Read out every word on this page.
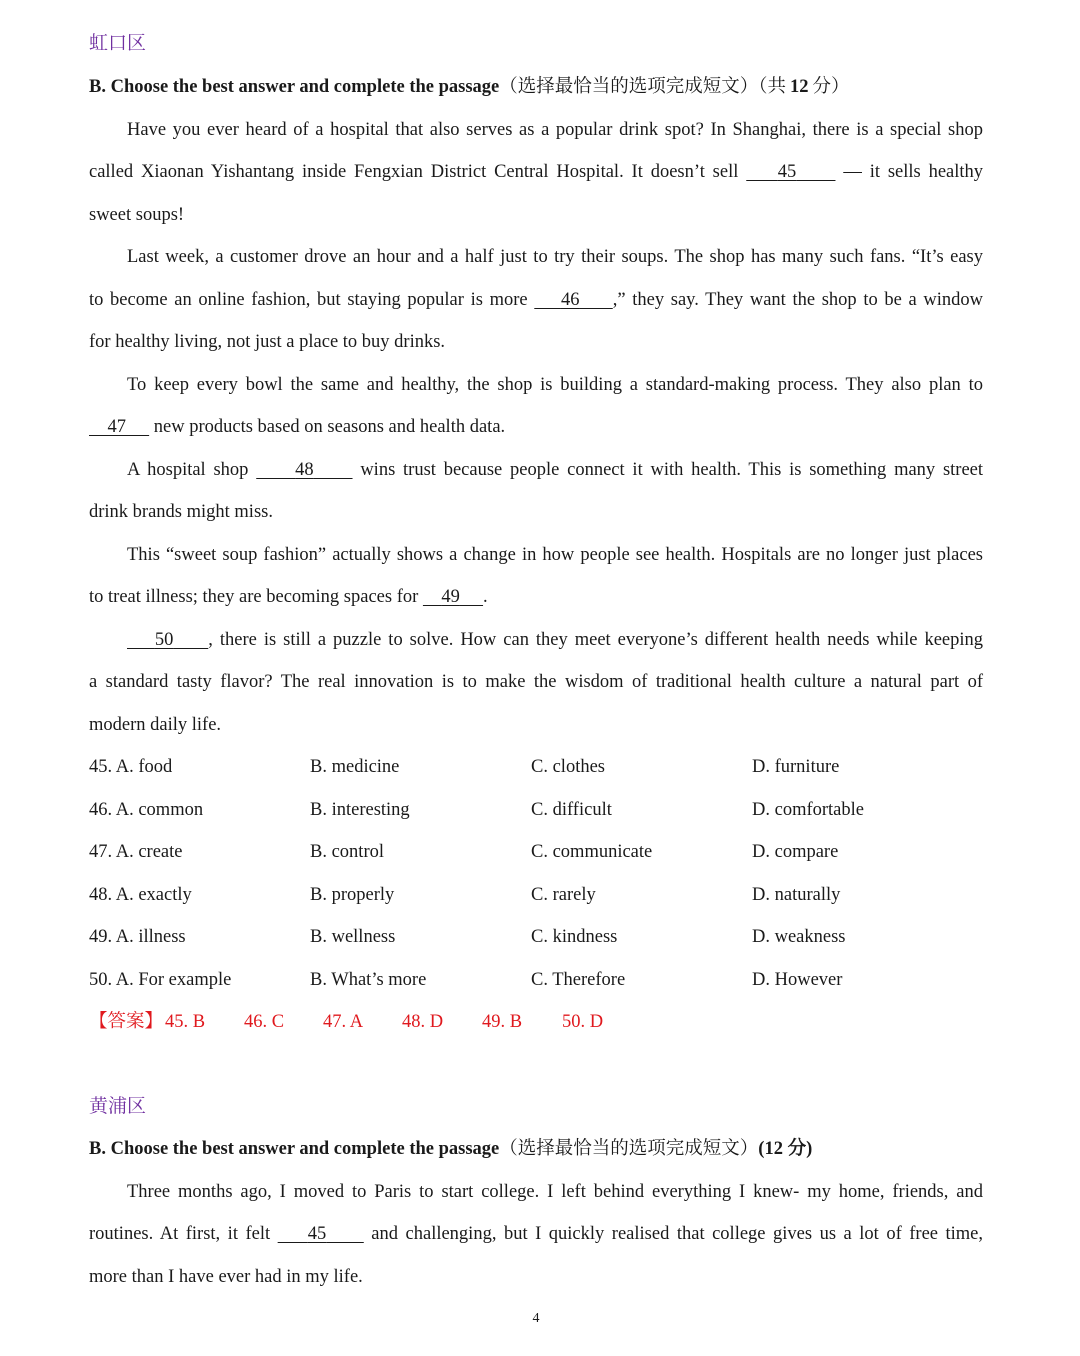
虹口区
B. Choose the best answer and complete the passage（选择最恰当的选项完成短文）（共 12 分）
Have you ever heard of a hospital that also serves as a popular drink spot? In Shanghai, there is a special shop
called Xiaonan Yishantang inside Fengxian District Central Hospital. It doesn’t sell 45	— it sells healthy
sweet soups!
Last week, a customer drove an hour and a half just to try their soups. The shop has many such fans. “It’s easy
to become an online fashion, but staying popular is more 46 ,” they say. They want the shop to be a window
for healthy living, not just a place to buy drinks.
To keep every bowl the same and healthy, the shop is building a standard-making process. They also plan to
47 new products based on seasons and health data.
A hospital shop	48	wins trust because people connect it with health. This is something many street
drink brands might miss.
This “sweet soup fashion” actually shows a change in how people see health. Hospitals are no longer just places
to treat illness; they are becoming spaces for 49 .
50 , there is still a puzzle to solve. How can they meet everyone’s different health needs while keeping
a standard tasty flavor? The real innovation is to make the wisdom of traditional health culture a natural part of
modern daily life.
45. A. food	B. medicine	C. clothes	D. furniture
46. A. common	B. interesting	C. difficult	D. comfortable
47. A. create	B. control	C. communicate	D. compare
48. A. exactly	B. properly	C. rarely	D. naturally
49. A. illness	B. wellness	C. kindness	D. weakness
50. A. For example	B. What’s more	C. Therefore	D. However
【答案】 45. B 46. C 47. A 48. D 49. B 50. D
黄浦区
B. Choose the best answer and complete the passage（选择最恰当的选项完成短文）(12 分)
Three months ago, I moved to Paris to start college. I left behind everything I knew- my home, friends, and
routines. At first, it felt 45 and challenging, but I quickly realised that college gives us a lot of free time,
more than I have ever had in my life.
4
